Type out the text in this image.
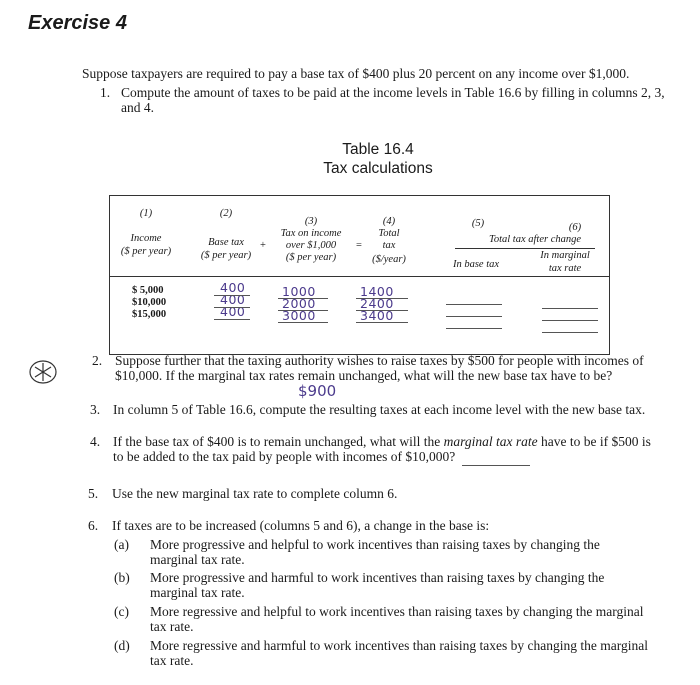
Exercise 4
Suppose taxpayers are required to pay a base tax of $400 plus 20 percent on any income over $1,000.
1. Compute the amount of taxes to be paid at the income levels in Table 16.6 by filling in columns 2, 3,
and 4.
Table 16.4
Tax calculations
(1)
Income
($ per year)
(2)
Base tax
($ per year)
+
(3)
Tax on income
over $1,000
($ per year)
=
(4)
Total
tax
($/year)
(5)	(6)
Total tax after change
In base tax
In marginal
tax rate
$ 5,000
$10,000
$15,000
400
400
400
1000
2000
3000
1400
2400
3400
2. Suppose further that the taxing authority wishes to raise taxes by $500 for people with incomes of
$10,000. If the marginal tax rates remain unchanged, what will the new base tax have to be?
$900
3. In column 5 of Table 16.6, compute the resulting taxes at each income level with the new base tax.
4. If the base tax of $400 is to remain unchanged, what will the marginal tax rate have to be if $500 is
to be added to the tax paid by people with incomes of $10,000?
5. Use the new marginal tax rate to complete column 6.
6. If taxes are to be increased (columns 5 and 6), a change in the base is:
(a) More progressive and helpful to work incentives than raising taxes by changing the
marginal tax rate.
(b) More progressive and harmful to work incentives than raising taxes by changing the
marginal tax rate.
(c) More regressive and helpful to work incentives than raising taxes by changing the marginal
tax rate.
(d) More regressive and harmful to work incentives than raising taxes by changing the marginal
tax rate.
